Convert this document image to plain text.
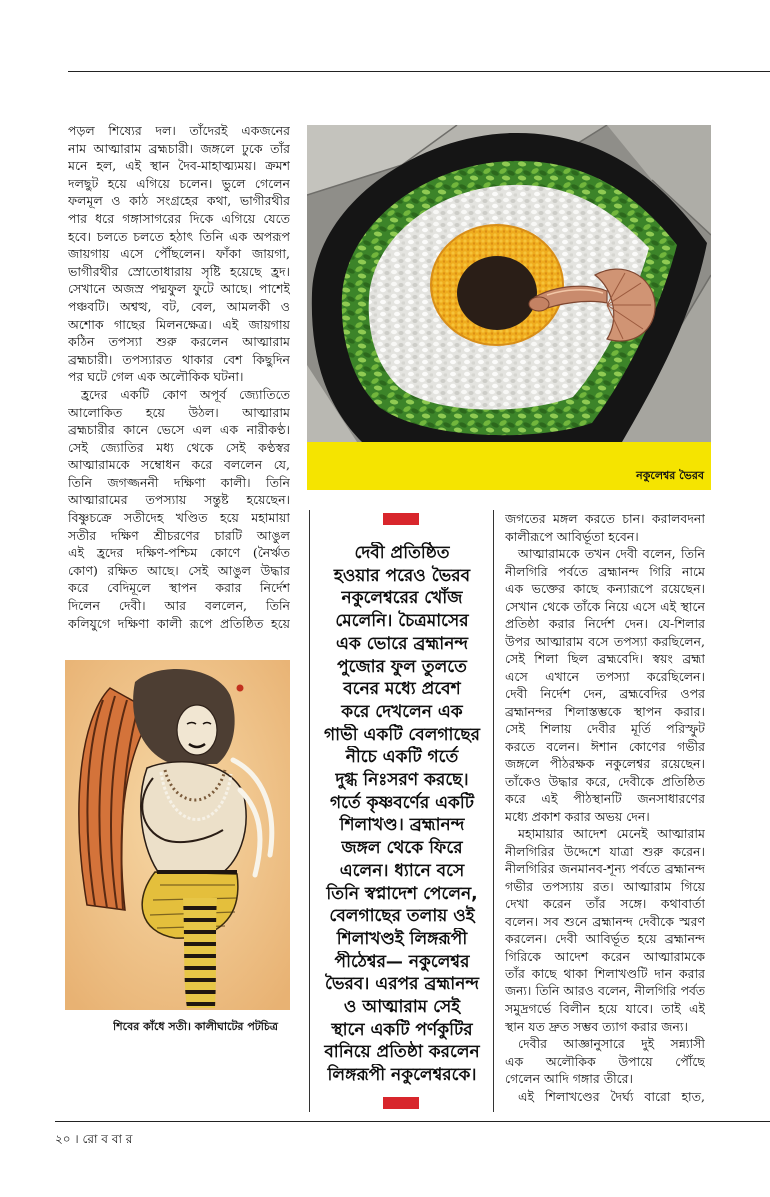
পড়ল শিষ্যের দল। তাঁদেরই একজনের
নাম আত্মারাম ব্রহ্মচারী। জঙ্গলে ঢুকে তাঁর
মনে হল, এই স্থান দৈব-মাহাত্ম্যময়। ক্রমশ
দলছুট হয়ে এগিয়ে চলেন। ভুলে গেলেন
ফলমূল ও কাঠ সংগ্রহের কথা, ভাগীরথীর
পার ধরে গঙ্গাসাগরের দিকে এগিয়ে যেতে
হবে। চলতে চলতে হঠাৎ তিনি এক অপরূপ
জায়গায় এসে পৌঁছলেন। ফাঁকা জায়গা,
ভাগীরথীর স্রোতোধারায় সৃষ্টি হয়েছে হ্রদ।
সেখানে অজস্র পদ্মফুল ফুটে আছে। পাশেই
পঞ্চবটি। অশ্বত্থ, বট, বেল, আমলকী ও
অশোক গাছের মিলনক্ষেত্র। এই জায়গায়
কঠিন তপস্যা শুরু করলেন আত্মারাম
ব্রহ্মচারী। তপস্যারত থাকার বেশ কিছুদিন
পর ঘটে গেল এক অলৌকিক ঘটনা।
হ্রদের একটি কোণ অপূর্ব জ্যোতিতে
আলোকিত হয়ে উঠল। আত্মারাম
ব্রহ্মচারীর কানে ভেসে এল এক নারীকণ্ঠ।
সেই জ্যোতির মধ্য থেকে সেই কণ্ঠস্বর
আত্মারামকে সম্বোধন করে বললেন যে,
তিনি জগজ্জননী দক্ষিণা কালী। তিনি
আত্মারামের তপস্যায় সন্তুষ্ট হয়েছেন।
বিষ্ণুচক্রে সতীদেহ খণ্ডিত হয়ে মহামায়া
সতীর দক্ষিণ শ্রীচরণের চারটি আঙুল
এই হ্রদের দক্ষিণ-পশ্চিম কোণে (নৈর্ঋত
কোণ) রক্ষিত আছে। সেই আঙুল উদ্ধার
করে বেদিমূলে স্থাপন করার নির্দেশ
দিলেন দেবী। আর বললেন, তিনি
কলিযুগে দক্ষিণা কালী রূপে প্রতিষ্ঠিত হয়ে
নকুলেশ্বর ভৈরব
শিবের কাঁধে সতী। কালীঘাটের পটচিত্র
দেবী প্রতিষ্ঠিত
হওয়ার পরেও ভৈরব
নকুলেশ্বরের খোঁজ
মেলেনি। চৈত্রমাসের
এক ভোরে ব্রহ্মানন্দ
পুজোর ফুল তুলতে
বনের মধ্যে প্রবেশ
করে দেখলেন এক
গাভী একটি বেলগাছের
নীচে একটি গর্তে
দুগ্ধ নিঃসরণ করছে।
গর্তে কৃষ্ণবর্ণের একটি
শিলাখণ্ড। ব্রহ্মানন্দ
জঙ্গল থেকে ফিরে
এলেন। ধ্যানে বসে
তিনি স্বপ্নাদেশ পেলেন,
বেলগাছের তলায় ওই
শিলাখণ্ডই লিঙ্গরূপী
পীঠেশ্বর— নকুলেশ্বর
ভৈরব। এরপর ব্রহ্মানন্দ
ও আত্মারাম সেই
স্থানে একটি পর্ণকুটির
বানিয়ে প্রতিষ্ঠা করলেন
লিঙ্গরূপী নকুলেশ্বরকে।
জগতের মঙ্গল করতে চান। করালবদনা
কালীরূপে আবির্ভূতা হবেন।
আত্মারামকে তখন দেবী বলেন, তিনি
নীলগিরি পর্বতে ব্রহ্মানন্দ গিরি নামে
এক ভক্তের কাছে কন্যারূপে রয়েছেন।
সেখান থেকে তাঁকে নিয়ে এসে এই স্থানে
প্রতিষ্ঠা করার নির্দেশ দেন। যে-শিলার
উপর আত্মারাম বসে তপস্যা করছিলেন,
সেই শিলা ছিল ব্রহ্মবেদি। স্বয়ং ব্রহ্মা
এসে এখানে তপস্যা করেছিলেন।
দেবী নির্দেশ দেন, ব্রহ্মবেদির ওপর
ব্রহ্মানন্দর শিলাস্তম্ভকে স্থাপন করার।
সেই শিলায় দেবীর মূর্তি পরিস্ফুট
করতে বলেন। ঈশান কোণের গভীর
জঙ্গলে পীঠরক্ষক নকুলেশ্বর রয়েছেন।
তাঁকেও উদ্ধার করে, দেবীকে প্রতিষ্ঠিত
করে এই পীঠস্থানটি জনসাধারণের
মধ্যে প্রকাশ করার অভয় দেন।
মহামায়ার আদেশ মেনেই আত্মারাম
নীলগিরির উদ্দেশে যাত্রা শুরু করেন।
নীলগিরির জনমানব-শূন্য পর্বতে ব্রহ্মানন্দ
গভীর তপস্যায় রত। আত্মারাম গিয়ে
দেখা করেন তাঁর সঙ্গে। কথাবার্তা
বলেন। সব শুনে ব্রহ্মানন্দ দেবীকে স্মরণ
করলেন। দেবী আবির্ভূত হয়ে ব্রহ্মানন্দ
গিরিকে আদেশ করেন আত্মারামকে
তাঁর কাছে থাকা শিলাখণ্ডটি দান করার
জন্য। তিনি আরও বলেন, নীলগিরি পর্বত
সমুদ্রগর্ভে বিলীন হয়ে যাবে। তাই এই
স্থান যত দ্রুত সম্ভব ত্যাগ করার জন্য।
দেবীর আজ্ঞানুসারে দুই সন্ন্যাসী
এক অলৌকিক উপায়ে পৌঁছে
গেলেন আদি গঙ্গার তীরে।
এই শিলাখণ্ডের দৈর্ঘ্য বারো হাত,
২০ । রো ব বা র
